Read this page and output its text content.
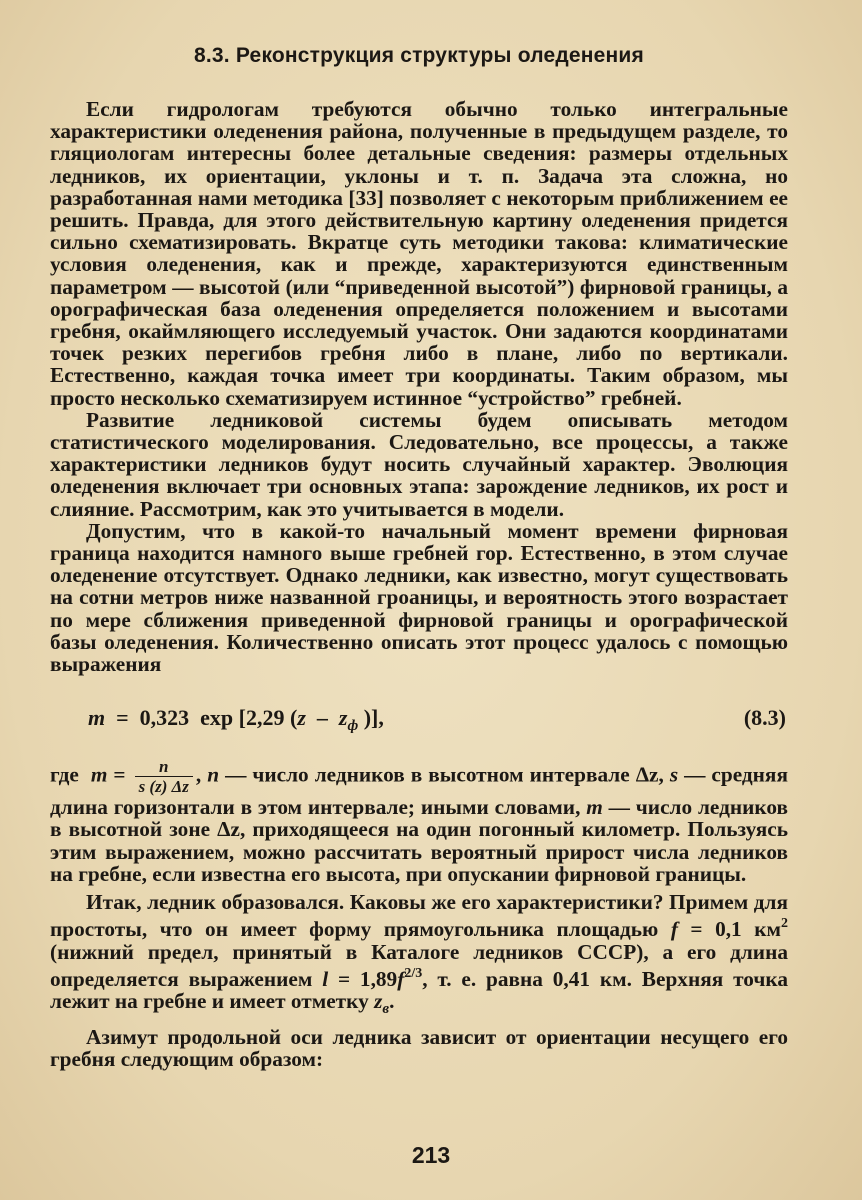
8.3. Реконструкция структуры оледенения

Если гидрологам требуются обычно только интегральные характеристики оледенения района, полученные в предыдущем разделе, то гляциологам интересны более детальные сведения: размеры отдельных ледников, их ориентации, уклоны и т. п. Задача эта сложна, но разработанная нами методика [33] позволяет с некоторым приближением ее решить. Правда, для этого действительную картину оледенения придется сильно схематизировать. Вкратце суть методики такова: климатические условия оледенения, как и прежде, характеризуются единственным параметром — высотой (или “приведенной высотой”) фирновой границы, а орографическая база оледенения определяется положением и высотами гребня, окаймляющего исследуемый участок. Они задаются координатами точек резких перегибов гребня либо в плане, либо по вертикали. Естественно, каждая точка имеет три координаты. Таким образом, мы просто несколько схематизируем истинное “устройство” гребней.

Развитие ледниковой системы будем описывать методом статистического моделирования. Следовательно, все процессы, а также характеристики ледников будут носить случайный характер. Эволюция оледенения включает три основных этапа: зарождение ледников, их рост и слияние. Рассмотрим, как это учитывается в модели.

Допустим, что в какой-то начальный момент времени фирновая граница находится намного выше гребней гор. Естественно, в этом случае оледенение отсутствует. Однако ледники, как известно, могут существовать на сотни метров ниже названной гроаницы, и вероятность этого возрастает по мере сближения приведенной фирновой границы и орографической базы оледенения. Количественно описать этот процесс удалось с помощью выражения

m = 0,323 exp [2,29 ($z - z_ф$ )],	(8.3)

где $m = \frac{n}{s (z) \Delta z}$ , n — число ледников в высотном интервале Δz, s — средняя длина горизонтали в этом интервале; иными словами, m — число ледников в высотной зоне Δz, приходящееся на один погонный километр. Пользуясь этим выражением, можно рассчитать вероятный прирост числа ледников на гребне, если известна его высота, при опускании фирновой границы.

Итак, ледник образовался. Каковы же его характеристики? Примем для простоты, что он имеет форму прямоугольника площадью f = 0,1 $км^2$ (нижний предел, принятый в Каталоге ледников СССР), а его длина определяется выражением $l = 1,89f^{2/3}$, т. е. равна 0,41 км. Верхняя точка лежит на гребне и имеет отметку $z_в$.

Азимут продольной оси ледника зависит от ориентации несущего его гребня следующим образом:

213
